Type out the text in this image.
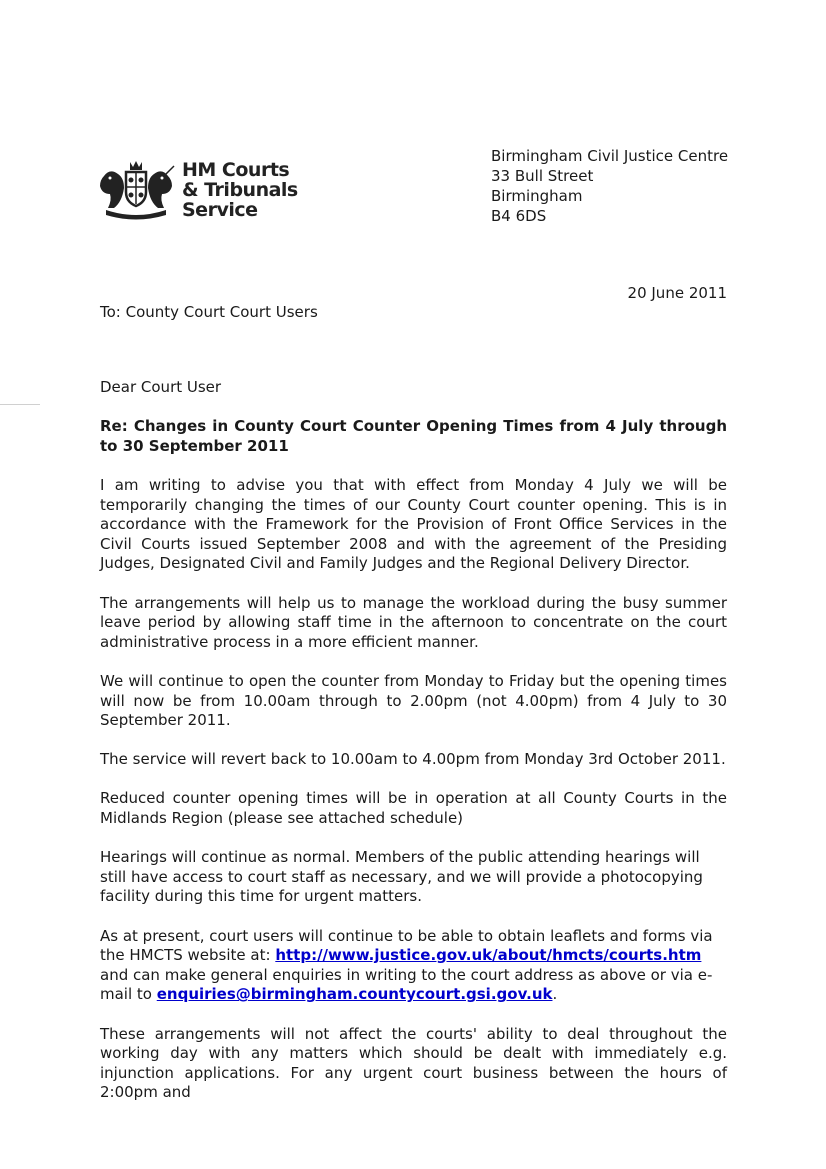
HM Courts
& Tribunals
Service
Birmingham Civil Justice Centre
33 Bull Street
Birmingham
B4 6DS
20 June 2011
To: County Court Court Users

Dear Court User

Re: Changes in County Court Counter Opening Times from 4 July through to 30 September 2011

I am writing to advise you that with effect from Monday 4 July we will be temporarily changing the times of our County Court counter opening. This is in accordance with the Framework for the Provision of Front Office Services in the Civil Courts issued September 2008 and with the agreement of the Presiding Judges, Designated Civil and Family Judges and the Regional Delivery Director.

The arrangements will help us to manage the workload during the busy summer leave period by allowing staff time in the afternoon to concentrate on the court administrative process in a more efficient manner.

We will continue to open the counter from Monday to Friday but the opening times will now be from 10.00am through to 2.00pm (not 4.00pm) from 4 July to 30 September 2011.

The service will revert back to 10.00am to 4.00pm from Monday 3rd October 2011.

Reduced counter opening times will be in operation at all County Courts in the Midlands Region (please see attached schedule)

Hearings will continue as normal. Members of the public attending hearings will still have access to court staff as necessary, and we will provide a photocopying facility during this time for urgent matters.

As at present, court users will continue to be able to obtain leaflets and forms via the HMCTS website at: http://www.justice.gov.uk/about/hmcts/courts.htm and can make general enquiries in writing to the court address as above or via e-mail to enquiries@birmingham.countycourt.gsi.gov.uk.

These arrangements will not affect the courts' ability to deal throughout the working day with any matters which should be dealt with immediately e.g. injunction applications. For any urgent court business between the hours of 2:00pm and
